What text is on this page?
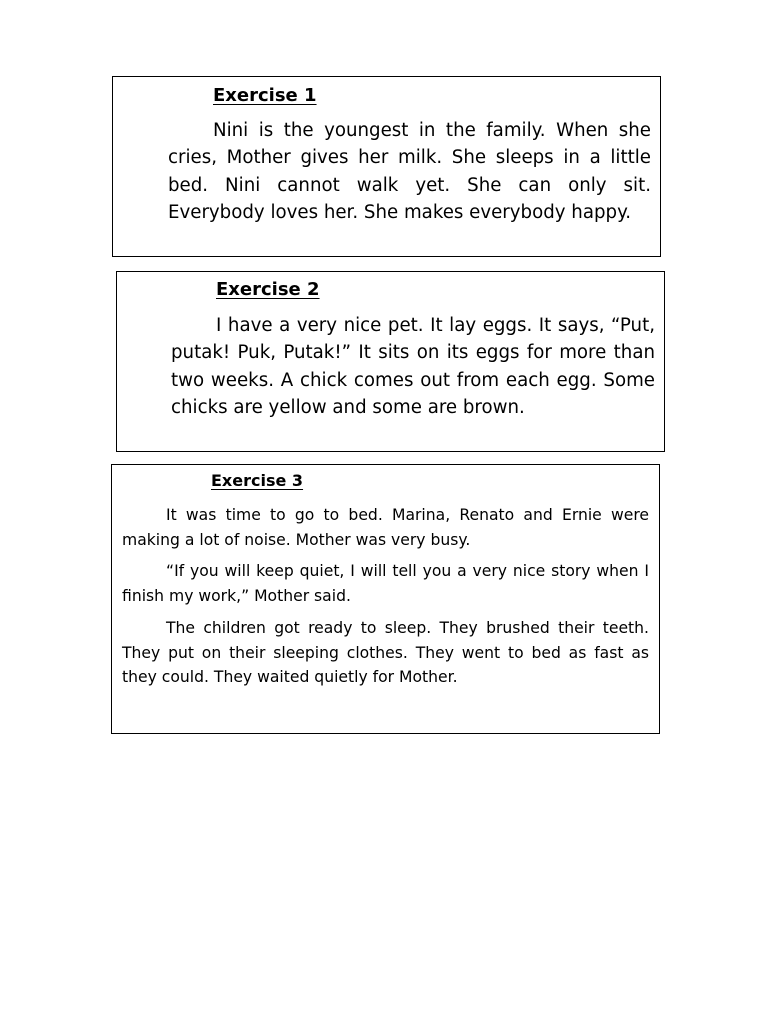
Exercise 1

Nini is the youngest in the family. When she cries, Mother gives her milk. She sleeps in a little bed. Nini cannot walk yet. She can only sit. Everybody loves her. She makes everybody happy.

Exercise 2

I have a very nice pet. It lay eggs. It says, “Put, putak! Puk, Putak!” It sits on its eggs for more than two weeks. A chick comes out from each egg. Some chicks are yellow and some are brown.

Exercise 3

It was time to go to bed. Marina, Renato and Ernie were making a lot of noise. Mother was very busy.

“If you will keep quiet, I will tell you a very nice story when I finish my work,” Mother said.

The children got ready to sleep. They brushed their teeth. They put on their sleeping clothes. They went to bed as fast as they could. They waited quietly for Mother.
